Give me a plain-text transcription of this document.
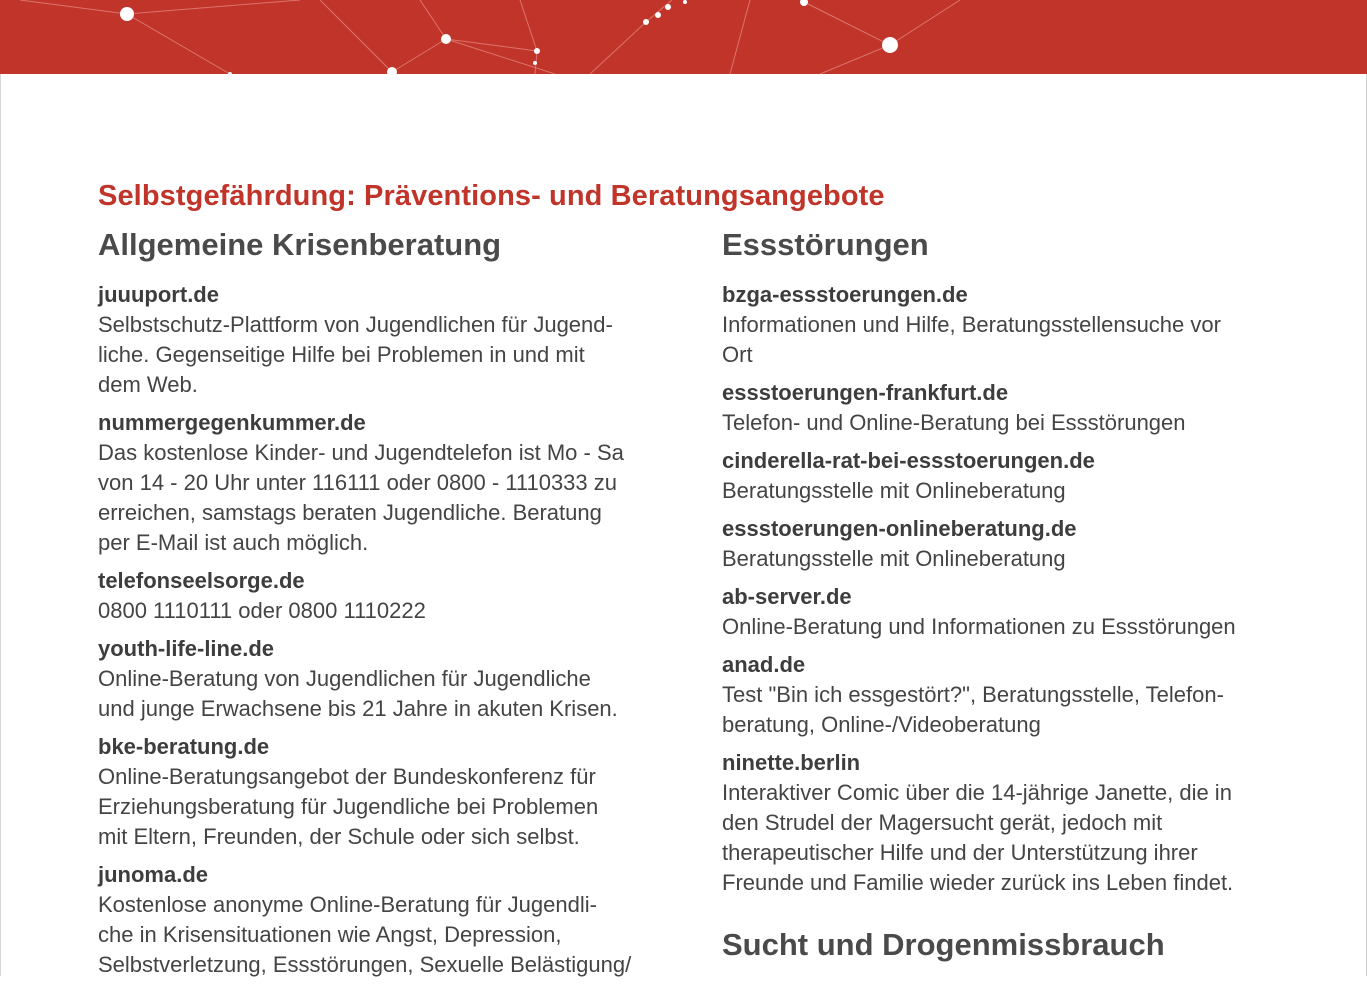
Selbstgefährdung: Präventions- und Beratungsangebote
Allgemeine Krisenberatung
juuuport.de
Selbstschutz-Plattform von Jugendlichen für Jugend-
liche. Gegenseitige Hilfe bei Problemen in und mit
dem Web.
nummergegenkummer.de
Das kostenlose Kinder- und Jugendtelefon ist Mo - Sa
von 14 - 20 Uhr unter 116111 oder 0800 - 1110333 zu
erreichen, samstags beraten Jugendliche. Beratung
per E-Mail ist auch möglich.
telefonseelsorge.de
0800 1110111 oder 0800 1110222
youth-life-line.de
Online-Beratung von Jugendlichen für Jugendliche
und junge Erwachsene bis 21 Jahre in akuten Krisen.
bke-beratung.de
Online-Beratungsangebot der Bundeskonferenz für
Erziehungsberatung für Jugendliche bei Problemen
mit Eltern, Freunden, der Schule oder sich selbst.
junoma.de
Kostenlose anonyme Online-Beratung für Jugendli-
che in Krisensituationen wie Angst, Depression,
Selbstverletzung, Essstörungen, Sexuelle Belästigung/
Essstörungen
bzga-essstoerungen.de
Informationen und Hilfe, Beratungsstellensuche vor
Ort
essstoerungen-frankfurt.de
Telefon- und Online-Beratung bei Essstörungen
cinderella-rat-bei-essstoerungen.de
Beratungsstelle mit Onlineberatung
essstoerungen-onlineberatung.de
Beratungsstelle mit Onlineberatung
ab-server.de
Online-Beratung und Informationen zu Essstörungen
anad.de
Test "Bin ich essgestört?", Beratungsstelle, Telefon-
beratung, Online-/Videoberatung
ninette.berlin
Interaktiver Comic über die 14-jährige Janette, die in
den Strudel der Magersucht gerät, jedoch mit
therapeutischer Hilfe und der Unterstützung ihrer
Freunde und Familie wieder zurück ins Leben findet.
Sucht und Drogenmissbrauch
